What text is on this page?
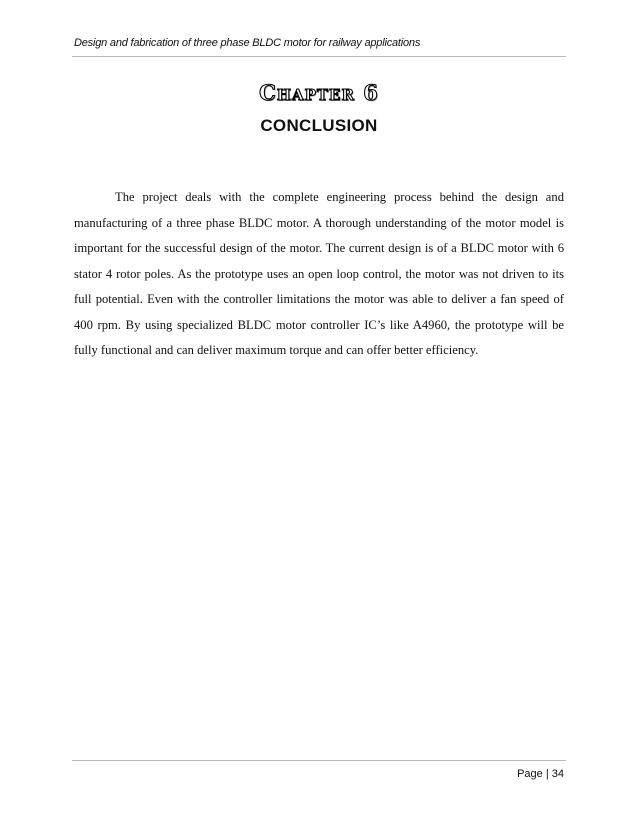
Design and fabrication of three phase BLDC motor for railway applications
Chapter 6
CONCLUSION

The project deals with the complete engineering process behind the design and manufacturing of a three phase BLDC motor. A thorough understanding of the motor model is important for the successful design of the motor. The current design is of a BLDC motor with 6 stator 4 rotor poles. As the prototype uses an open loop control, the motor was not driven to its full potential. Even with the controller limitations the motor was able to deliver a fan speed of 400 rpm. By using specialized BLDC motor controller IC’s like A4960, the prototype will be fully functional and can deliver maximum torque and can offer better efficiency.

Page | 34
